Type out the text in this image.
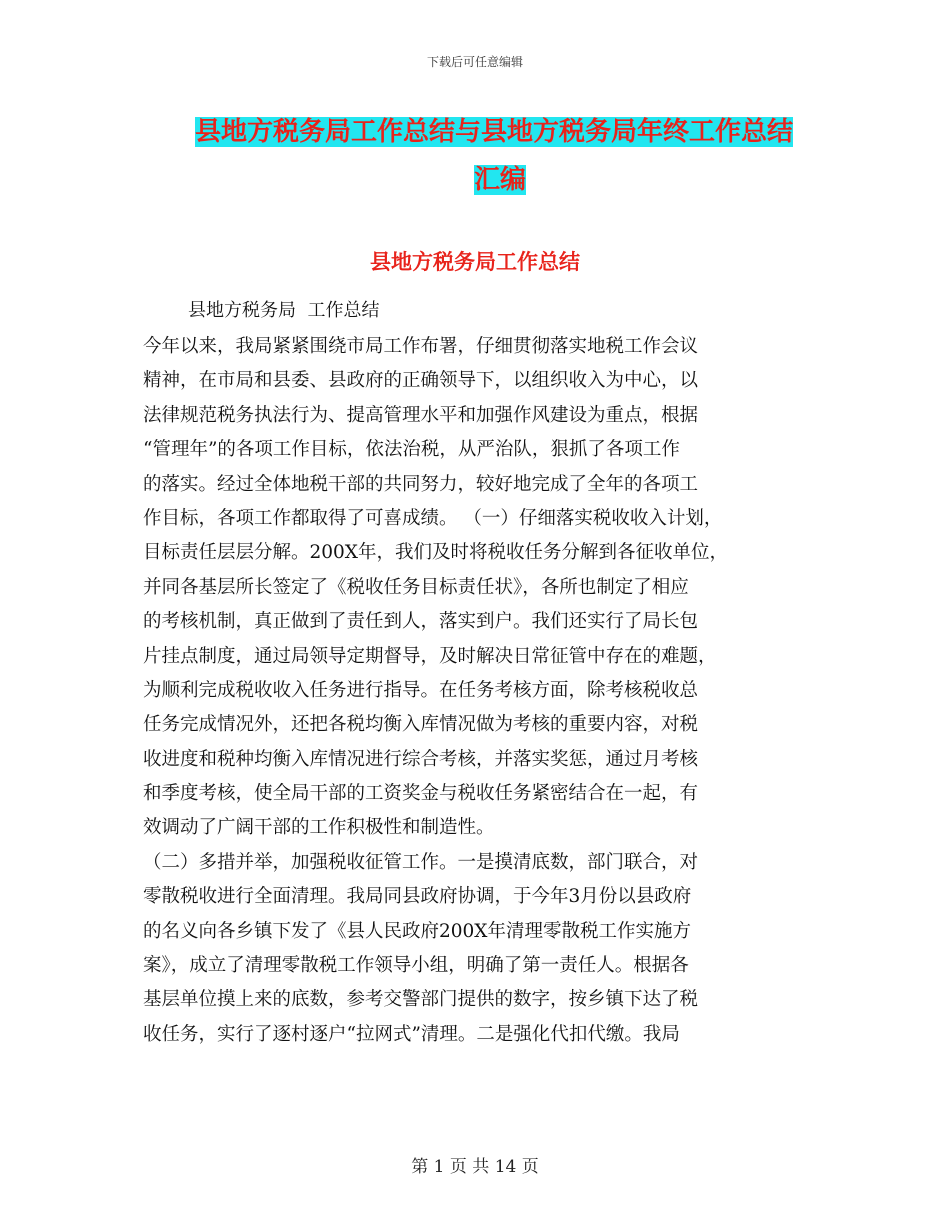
下载后可任意编辑
县地方税务局工作总结与县地方税务局年终工作总结
汇编
县地方税务局工作总结
县地方税务局  工作总结
今年以来，我局紧紧围绕市局工作布署，仔细贯彻落实地税工作会议
精神，在市局和县委、县政府的正确领导下，以组织收入为中心，以
法律规范税务执法行为、提高管理水平和加强作风建设为重点，根据
“管理年”的各项工作目标，依法治税，从严治队，狠抓了各项工作
的落实。经过全体地税干部的共同努力，较好地完成了全年的各项工
作目标，各项工作都取得了可喜成绩。 （一）仔细落实税收收入计划，
目标责任层层分解。200X年，我们及时将税收任务分解到各征收单位，
并同各基层所长签定了《税收任务目标责任状》，各所也制定了相应
的考核机制，真正做到了责任到人，落实到户。我们还实行了局长包
片挂点制度，通过局领导定期督导，及时解决日常征管中存在的难题，
为顺利完成税收收入任务进行指导。在任务考核方面，除考核税收总
任务完成情况外，还把各税均衡入库情况做为考核的重要内容，对税
收进度和税种均衡入库情况进行综合考核，并落实奖惩，通过月考核
和季度考核，使全局干部的工资奖金与税收任务紧密结合在一起，有
效调动了广阔干部的工作积极性和制造性。
（二）多措并举，加强税收征管工作。一是摸清底数，部门联合，对
零散税收进行全面清理。我局同县政府协调，于今年3月份以县政府
的名义向各乡镇下发了《县人民政府200X年清理零散税工作实施方
案》，成立了清理零散税工作领导小组，明确了第一责任人。根据各
基层单位摸上来的底数，参考交警部门提供的数字，按乡镇下达了税
收任务，实行了逐村逐户“拉网式”清理。二是强化代扣代缴。我局
第 1 页 共 14 页
